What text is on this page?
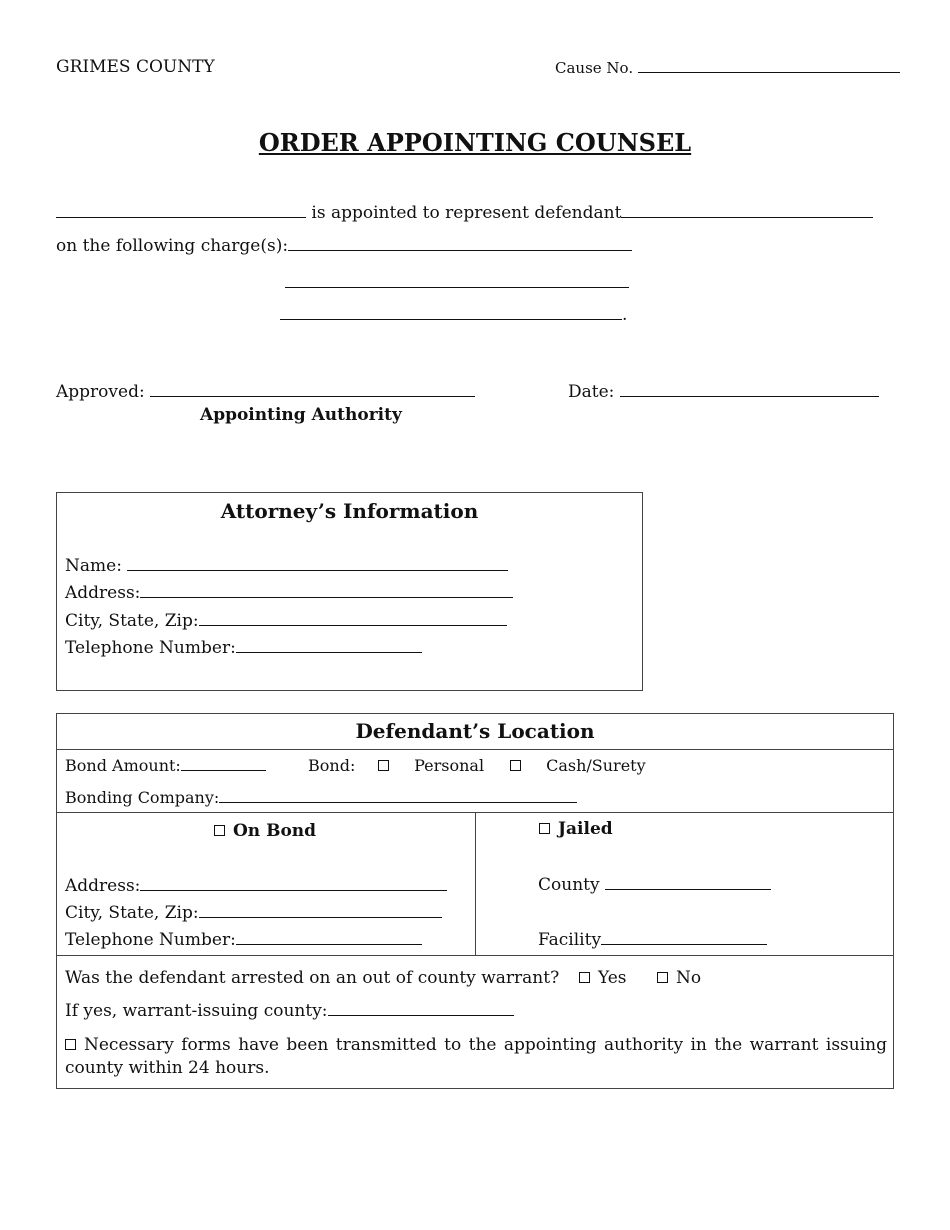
GRIMES COUNTY	Cause No.
ORDER APPOINTING COUNSEL
is appointed to represent defendant
on the following charge(s):
.
Approved:	Date:
Appointing Authority
Attorney’s Information
Name:
Address:
City, State, Zip:
Telephone Number:
Defendant’s Location
Bond Amount:	Bond:	Personal	Cash/Surety
Bonding Company:
On Bond
Address:
City, State, Zip:
Telephone Number:
Jailed
County
Facility
Was the defendant arrested on an out of county warrant?	Yes	No
If yes, warrant-issuing county:
Necessary forms have been transmitted to the appointing authority in the warrant issuing
county within 24 hours.
